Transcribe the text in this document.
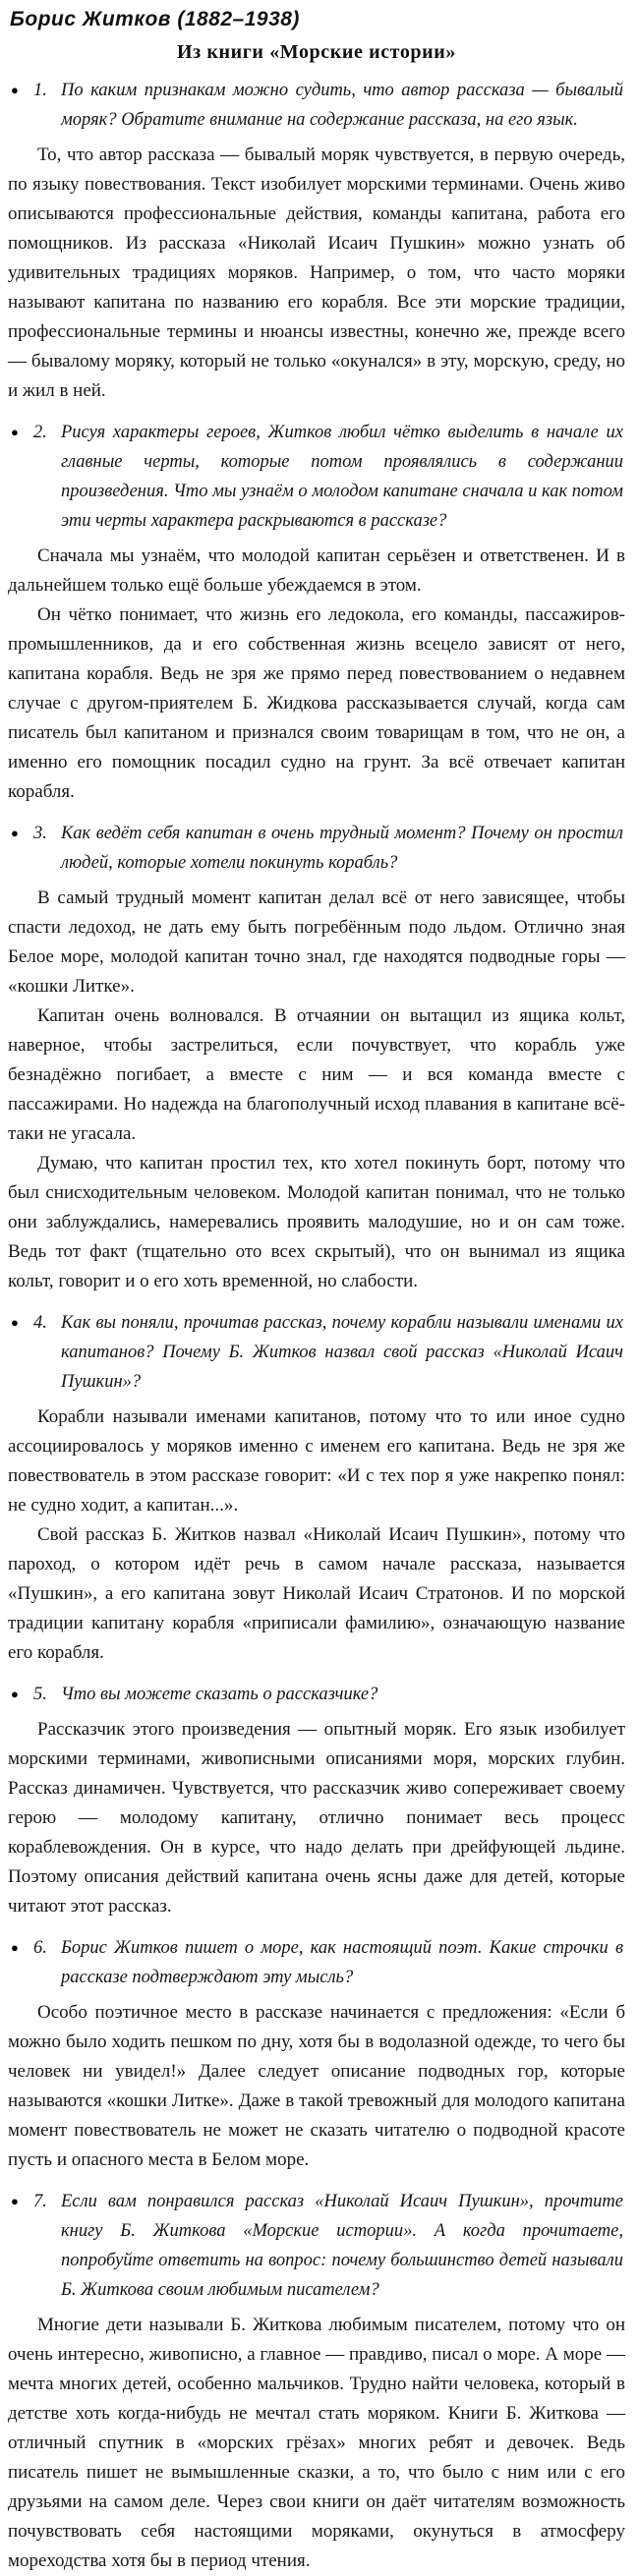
Борис Житков (1882–1938)
Из книги «Морские истории»
● 1. По каким признакам можно судить, что автор рассказа — бывалый моряк? Обратите внимание на содержание рассказа, на его язык.

То, что автор рассказа — бывалый моряк чувствуется, в первую очередь, по языку повествования. Текст изобилует морскими терминами. Очень живо описываются профессиональные действия, команды капитана, работа его помощников. Из рассказа «Николай Исаич Пушкин» можно узнать об удивительных традициях моряков. Например, о том, что часто моряки называют капитана по названию его корабля. Все эти морские традиции, профессиональные термины и нюансы известны, конечно же, прежде всего — бывалому моряку, который не только «окунался» в эту, морскую, среду, но и жил в ней.

● 2. Рисуя характеры героев, Житков любил чётко выделить в начале их главные черты, которые потом проявлялись в содержании произведения. Что мы узнаём о молодом капитане сначала и как потом эти черты характера раскрываются в рассказе?

Сначала мы узнаём, что молодой капитан серьёзен и ответственен. И в дальнейшем только ещё больше убеждаемся в этом.

Он чётко понимает, что жизнь его ледокола, его команды, пассажиров-промышленников, да и его собственная жизнь всецело зависят от него, капитана корабля. Ведь не зря же прямо перед повествованием о недавнем случае с другом-приятелем Б. Жидкова рассказывается случай, когда сам писатель был капитаном и признался своим товарищам в том, что не он, а именно его помощник посадил судно на грунт. За всё отвечает капитан корабля.

● 3. Как ведёт себя капитан в очень трудный момент? Почему он простил людей, которые хотели покинуть корабль?

В самый трудный момент капитан делал всё от него зависящее, чтобы спасти ледоход, не дать ему быть погребённым подо льдом. Отлично зная Белое море, молодой капитан точно знал, где находятся подводные горы — «кошки Литке».

Капитан очень волновался. В отчаянии он вытащил из ящика кольт, наверное, чтобы застрелиться, если почувствует, что корабль уже безнадёжно погибает, а вместе с ним — и вся команда вместе с пассажирами. Но надежда на благополучный исход плавания в капитане всё-таки не угасала.

Думаю, что капитан простил тех, кто хотел покинуть борт, потому что был снисходительным человеком. Молодой капитан понимал, что не только они заблуждались, намеревались проявить малодушие, но и он сам тоже. Ведь тот факт (тщательно ото всех скрытый), что он вынимал из ящика кольт, говорит и о его хоть временной, но слабости.

● 4. Как вы поняли, прочитав рассказ, почему корабли называли именами их капитанов? Почему Б. Житков назвал свой рассказ «Николай Исаич Пушкин»?

Корабли называли именами капитанов, потому что то или иное судно ассоциировалось у моряков именно с именем его капитана. Ведь не зря же повествователь в этом рассказе говорит: «И с тех пор я уже накрепко понял: не судно ходит, а капитан...».

Свой рассказ Б. Житков назвал «Николай Исаич Пушкин», потому что пароход, о котором идёт речь в самом начале рассказа, называется «Пушкин», а его капитана зовут Николай Исаич Стратонов. И по морской традиции капитану корабля «приписали фамилию», означающую название его корабля.

● 5. Что вы можете сказать о рассказчике?

Рассказчик этого произведения — опытный моряк. Его язык изобилует морскими терминами, живописными описаниями моря, морских глубин. Рассказ динамичен. Чувствуется, что рассказчик живо сопереживает своему герою — молодому капитану, отлично понимает весь процесс кораблевождения. Он в курсе, что надо делать при дрейфующей льдине. Поэтому описания действий капитана очень ясны даже для детей, которые читают этот рассказ.

● 6. Борис Житков пишет о море, как настоящий поэт. Какие строчки в рассказе подтверждают эту мысль?

Особо поэтичное место в рассказе начинается с предложения: «Если б можно было ходить пешком по дну, хотя бы в водолазной одежде, то чего бы человек ни увидел!» Далее следует описание подводных гор, которые называются «кошки Литке». Даже в такой тревожный для молодого капитана момент повествователь не может не сказать читателю о подводной красоте пусть и опасного места в Белом море.

● 7. Если вам понравился рассказ «Николай Исаич Пушкин», прочтите книгу Б. Житкова «Морские истории». А когда прочитаете, попробуйте ответить на вопрос: почему большинство детей называли Б. Житкова своим любимым писателем?

Многие дети называли Б. Житкова любимым писателем, потому что он очень интересно, живописно, а главное — правдиво, писал о море. А море — мечта многих детей, особенно мальчиков. Трудно найти человека, который в детстве хоть когда-нибудь не мечтал стать моряком. Книги Б. Житкова — отличный спутник в «морских грёзах» многих ребят и девочек. Ведь писатель пишет не вымышленные сказки, а то, что было с ним или с его друзьями на самом деле. Через свои книги он даёт читателям возможность почувствовать себя настоящими моряками, окунуться в атмосферу мореходства хотя бы в период чтения.
